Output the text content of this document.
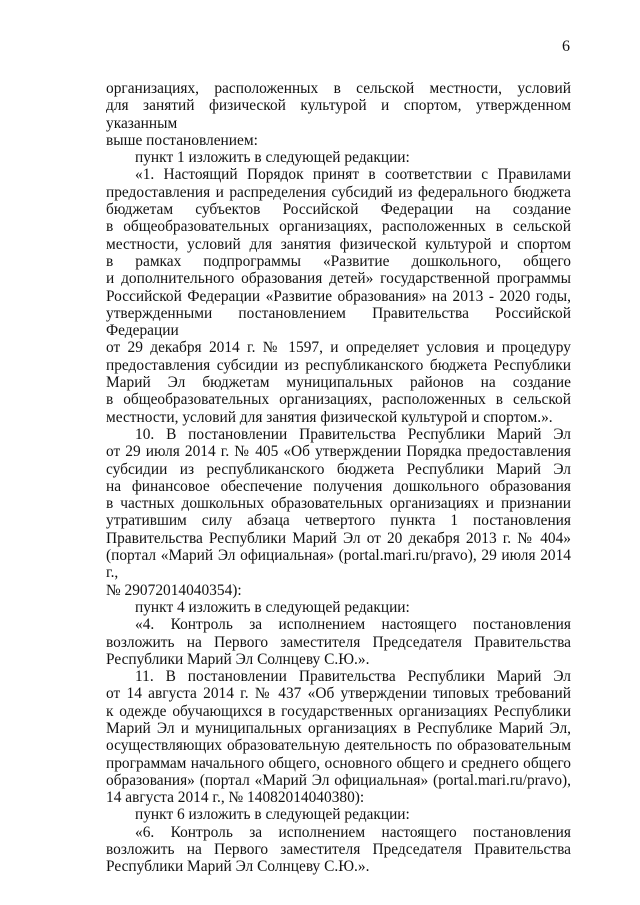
6

организациях, расположенных в сельской местности, условий

для занятий физической культурой и спортом, утвержденном указанным

выше постановлением:

пункт 1 изложить в следующей редакции:

«1. Настоящий Порядок принят в соответствии с Правилами

предоставления и распределения субсидий из федерального бюджета

бюджетам субъектов Российской Федерации на создание

в общеобразовательных организациях, расположенных в сельской

местности, условий для занятия физической культурой и спортом

в рамках подпрограммы «Развитие дошкольного, общего

и дополнительного образования детей» государственной программы

Российской Федерации «Развитие образования» на 2013 - 2020 годы,

утвержденными постановлением Правительства Российской Федерации

от 29 декабря 2014 г. № 1597, и определяет условия и процедуру

предоставления субсидии из республиканского бюджета Республики

Марий Эл бюджетам муниципальных районов на создание

в общеобразовательных организациях, расположенных в сельской

местности, условий для занятия физической культурой и спортом.».

10. В постановлении Правительства Республики Марий Эл

от 29 июля 2014 г. № 405 «Об утверждении Порядка предоставления

субсидии из республиканского бюджета Республики Марий Эл

на финансовое обеспечение получения дошкольного образования

в частных дошкольных образовательных организациях и признании

утратившим силу абзаца четвертого пункта 1 постановления

Правительства Республики Марий Эл от 20 декабря 2013 г. № 404»

(портал «Марий Эл официальная» (portal.mari.ru/pravo), 29 июля 2014 г.,

№ 29072014040354):

пункт 4 изложить в следующей редакции:

«4. Контроль за исполнением настоящего постановления

возложить на Первого заместителя Председателя Правительства

Республики Марий Эл Солнцеву С.Ю.».

11. В постановлении Правительства Республики Марий Эл

от 14 августа 2014 г. № 437 «Об утверждении типовых требований

к одежде обучающихся в государственных организациях Республики

Марий Эл и муниципальных организациях в Республике Марий Эл,

осуществляющих образовательную деятельность по образовательным

программам начального общего, основного общего и среднего общего

образования» (портал «Марий Эл официальная» (portal.mari.ru/pravo),

14 августа 2014 г., № 14082014040380):

пункт 6 изложить в следующей редакции:

«6. Контроль за исполнением настоящего постановления

возложить на Первого заместителя Председателя Правительства

Республики Марий Эл Солнцеву С.Ю.».
